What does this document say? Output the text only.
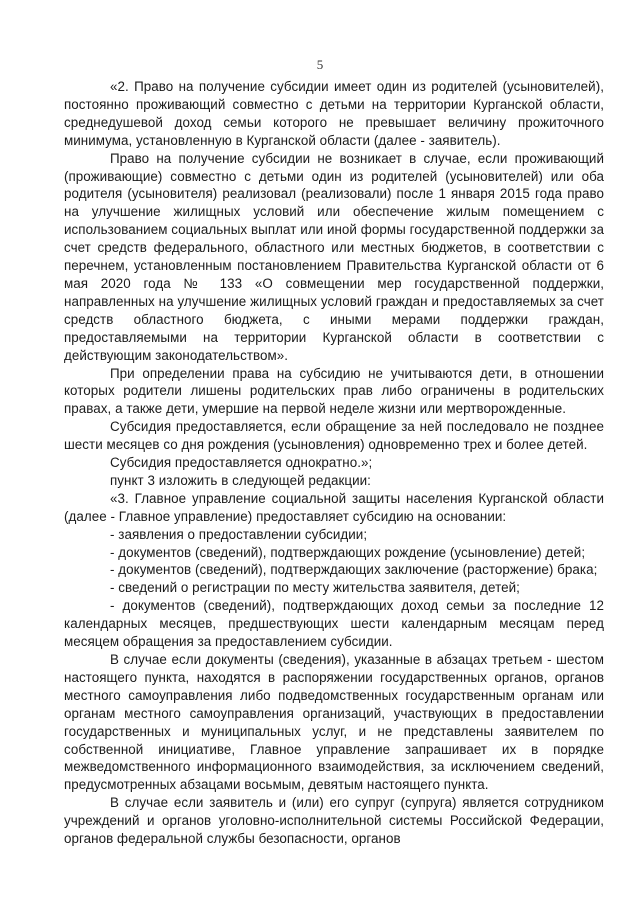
5

«2. Право на получение субсидии имеет один из родителей (усыновителей), постоянно проживающий совместно с детьми на территории Курганской области, среднедушевой доход семьи которого не превышает величину прожиточного минимума, установленную в Курганской области (далее - заявитель).

Право на получение субсидии не возникает в случае, если проживающий (проживающие) совместно с детьми один из родителей (усыновителей) или оба родителя (усыновителя) реализовал (реализовали) после 1 января 2015 года право на улучшение жилищных условий или обеспечение жилым помещением с использованием социальных выплат или иной формы государственной поддержки за счет средств федерального, областного или местных бюджетов, в соответствии с перечнем, установленным постановлением Правительства Курганской области от 6 мая 2020 года № 133 «О совмещении мер государственной поддержки, направленных на улучшение жилищных условий граждан и предоставляемых за счет средств областного бюджета, с иными мерами поддержки граждан, предоставляемыми на территории Курганской области в соответствии с действующим законодательством».

При определении права на субсидию не учитываются дети, в отношении которых родители лишены родительских прав либо ограничены в родительских правах, а также дети, умершие на первой неделе жизни или мертворожденные.

Субсидия предоставляется, если обращение за ней последовало не позднее шести месяцев со дня рождения (усыновления) одновременно трех и более детей.

Субсидия предоставляется однократно.»;

пункт 3 изложить в следующей редакции:

«3. Главное управление социальной защиты населения Курганской области (далее - Главное управление) предоставляет субсидию на основании:

- заявления о предоставлении субсидии;

- документов (сведений), подтверждающих рождение (усыновление) детей;

- документов (сведений), подтверждающих заключение (расторжение) брака;

- сведений о регистрации по месту жительства заявителя, детей;

- документов (сведений), подтверждающих доход семьи за последние 12 календарных месяцев, предшествующих шести календарным месяцам перед месяцем обращения за предоставлением субсидии.

В случае если документы (сведения), указанные в абзацах третьем - шестом настоящего пункта, находятся в распоряжении государственных органов, органов местного самоуправления либо подведомственных государственным органам или органам местного самоуправления организаций, участвующих в предоставлении государственных и муниципальных услуг, и не представлены заявителем по собственной инициативе, Главное управление запрашивает их в порядке межведомственного информационного взаимодействия, за исключением сведений, предусмотренных абзацами восьмым, девятым настоящего пункта.

В случае если заявитель и (или) его супруг (супруга) является сотрудником учреждений и органов уголовно-исполнительной системы Российской Федерации, органов федеральной службы безопасности, органов
